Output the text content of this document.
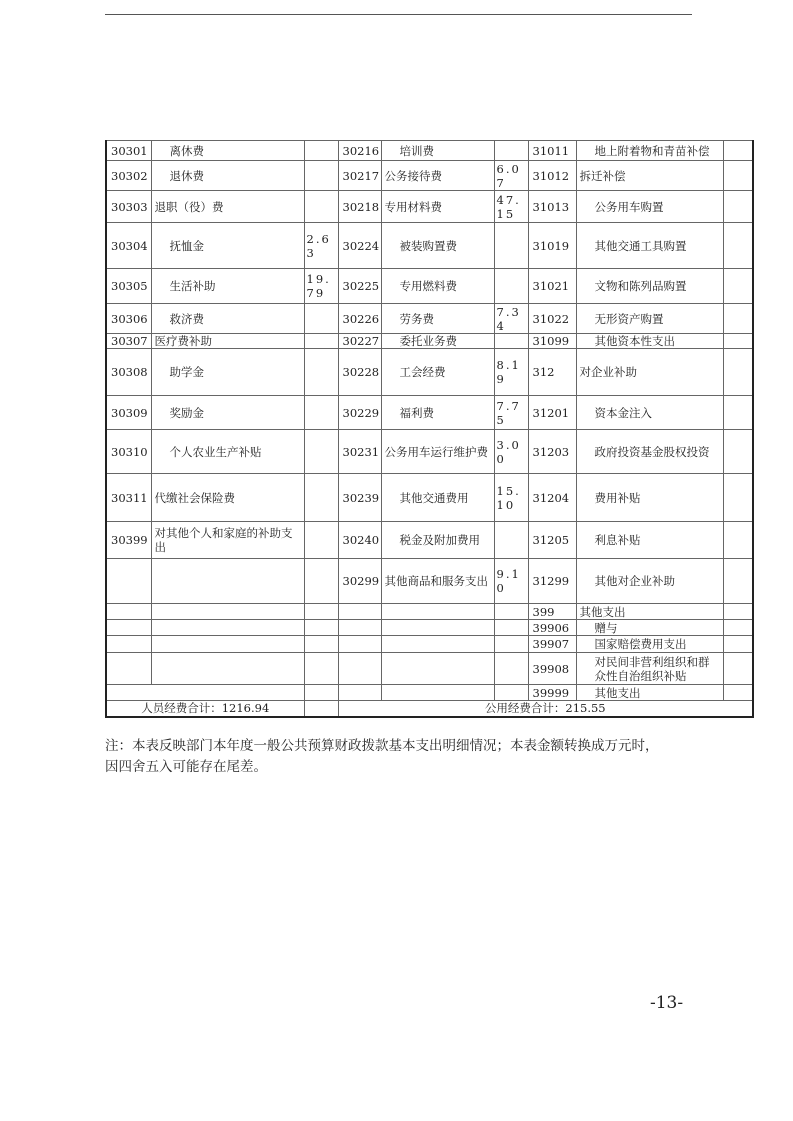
30301	离休费		30216	培训费		31011	地上附着物和青苗补偿	
30302	退休费		30217	公务接待费	6.07	31012	拆迁补偿	
30303	退职（役）费		30218	专用材料费	47.15	31013	公务用车购置	
30304	抚恤金	2.63	30224	被装购置费		31019	其他交通工具购置	
30305	生活补助	19.79	30225	专用燃料费		31021	文物和陈列品购置	
30306	救济费		30226	劳务费	7.34	31022	无形资产购置	
30307	医疗费补助		30227	委托业务费		31099	其他资本性支出	
30308	助学金		30228	工会经费	8.19	312	对企业补助	
30309	奖励金		30229	福利费	7.75	31201	资本金注入	
30310	个人农业生产补贴		30231	公务用车运行维护费	3.00	31203	政府投资基金股权投资	
30311	代缴社会保险费		30239	其他交通费用	15.10	31204	费用补贴	
30399	对其他个人和家庭的补助支出		30240	税金及附加费用		31205	利息补贴	
			30299	其他商品和服务支出	9.10	31299	其他对企业补助	
						399	其他支出	
						39906	赠与	
						39907	国家赔偿费用支出	
						39908	对民间非营利组织和群众性自治组织补贴	
						39999	其他支出	
人员经费合计：1216.94			公用经费合计：215.55					
注：本表反映部门本年度一般公共预算财政拨款基本支出明细情况；本表金额转换成万元时，因四舍五入可能存在尾差。
-13-
